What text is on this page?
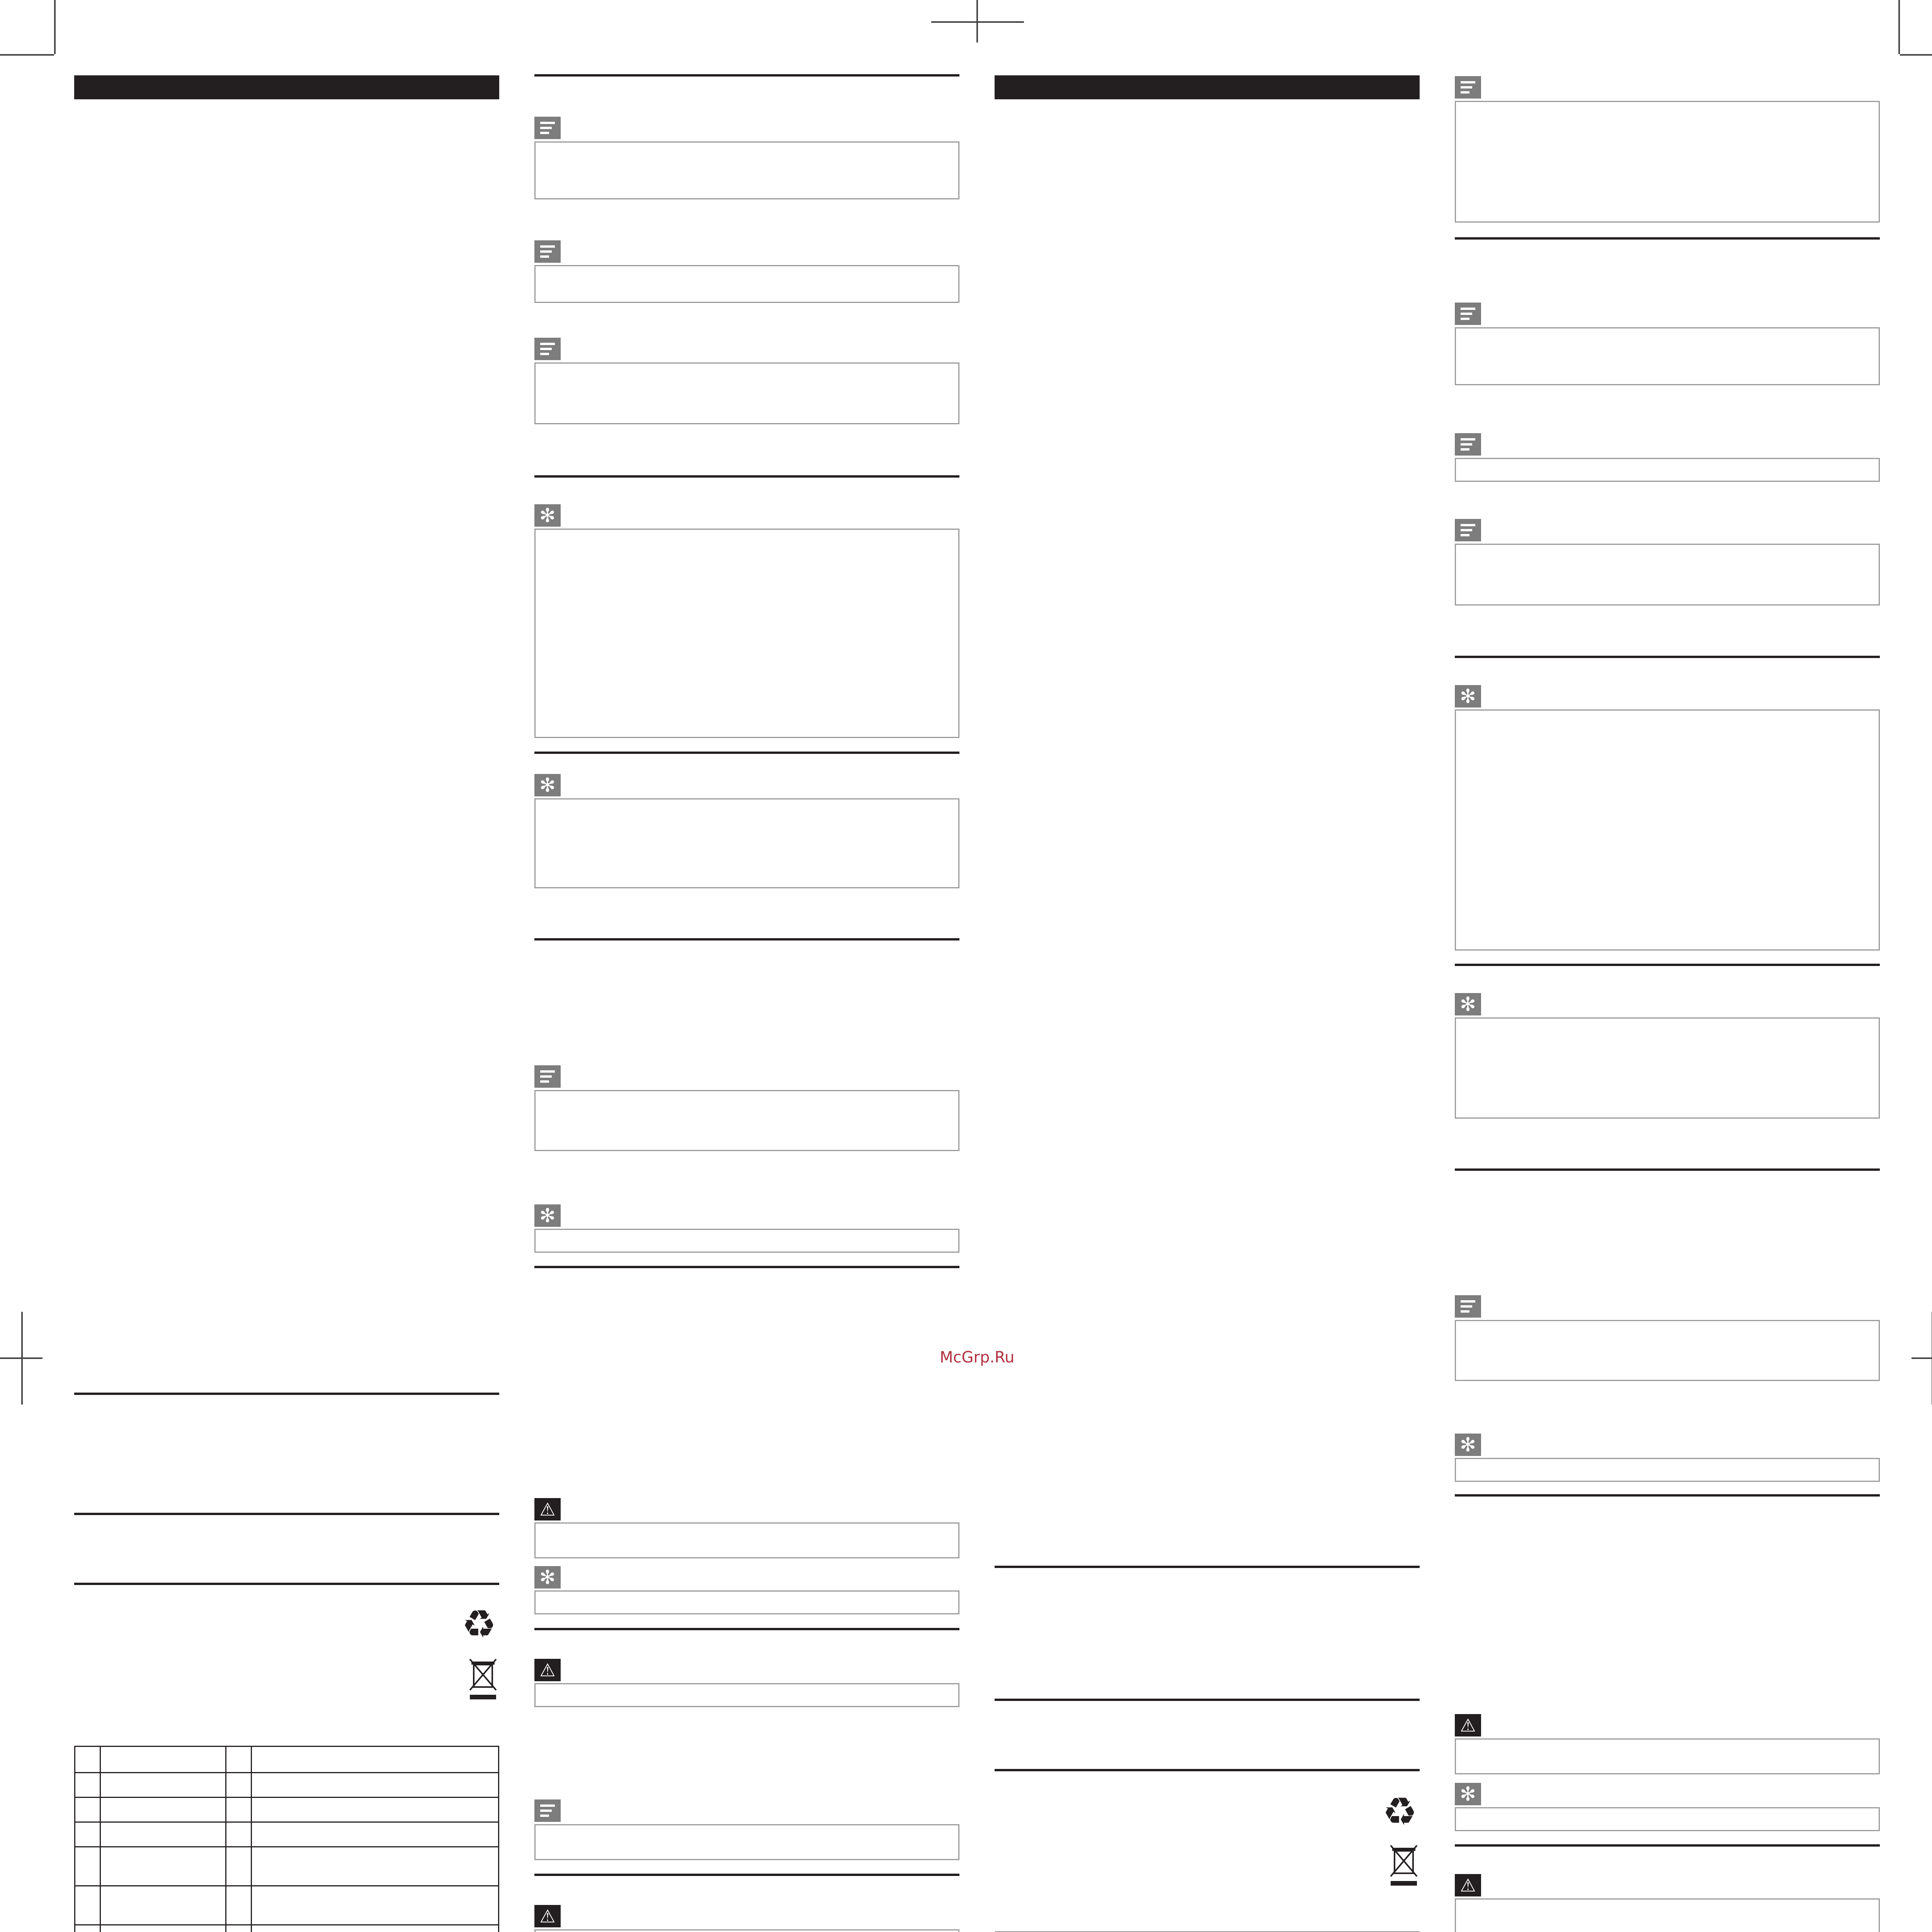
♻

✻
✻
✻
⚠
✻
⚠
⚠
McGrp.Ru
♻

✻
✻
✻
⚠
✻
⚠
